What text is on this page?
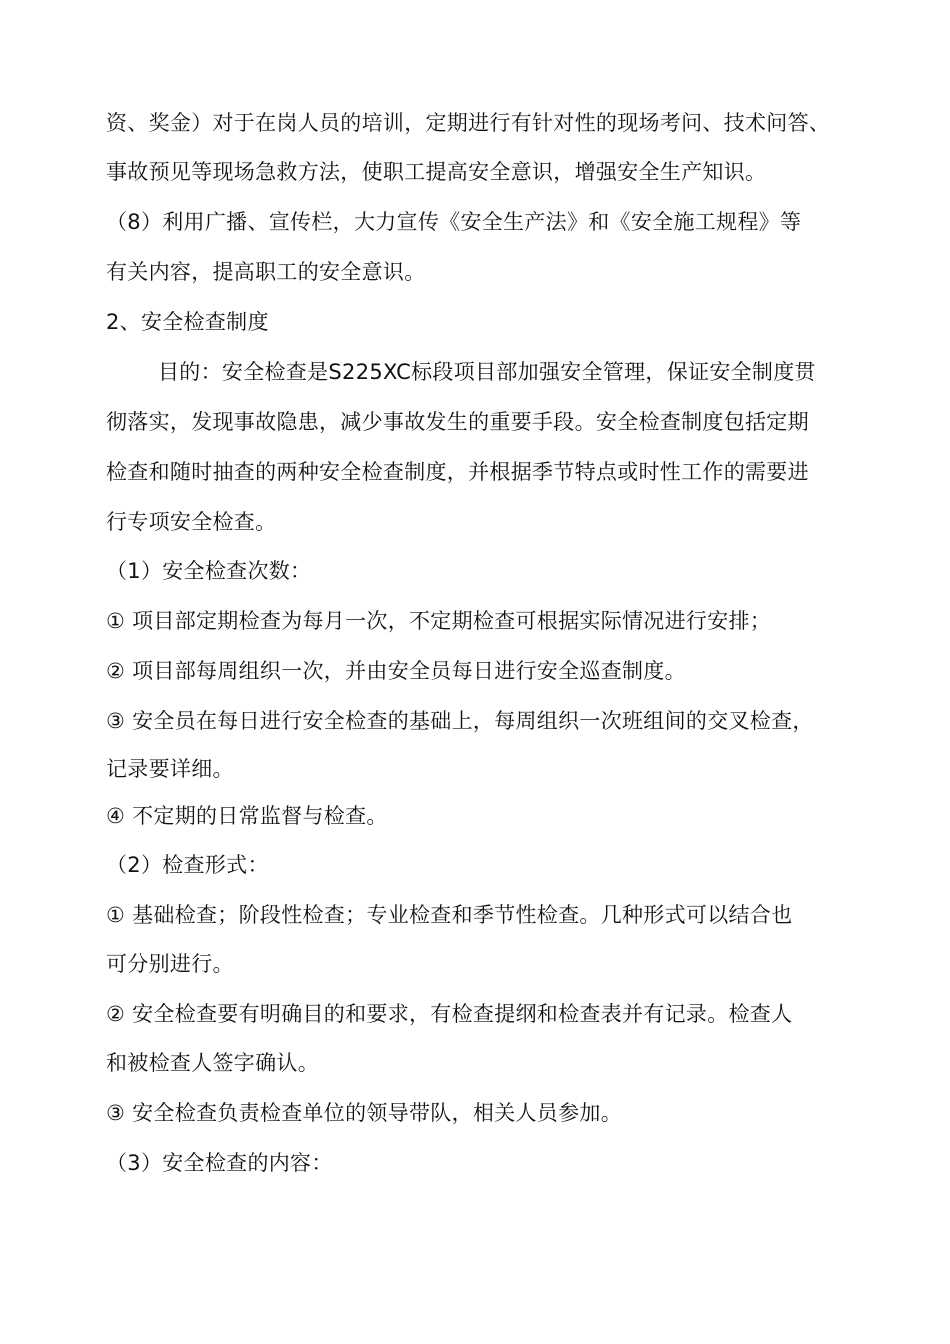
资、奖金）对于在岗人员的培训，定期进行有针对性的现场考问、技术问答、
事故预见等现场急救方法，使职工提高安全意识，增强安全生产知识。
（8）利用广播、宣传栏，大力宣传《安全生产法》和《安全施工规程》等
有关内容，提高职工的安全意识。
2、安全检查制度
目的：安全检查是S225XC标段项目部加强安全管理，保证安全制度贯
彻落实，发现事故隐患，减少事故发生的重要手段。安全检查制度包括定期
检查和随时抽查的两种安全检查制度，并根据季节特点或时性工作的需要进
行专项安全检查。
（1）安全检查次数：
① 项目部定期检查为每月一次，不定期检查可根据实际情况进行安排；
② 项目部每周组织一次，并由安全员每日进行安全巡查制度。
③ 安全员在每日进行安全检查的基础上，每周组织一次班组间的交叉检查，
记录要详细。
④ 不定期的日常监督与检查。
（2）检查形式：
① 基础检查；阶段性检查；专业检查和季节性检查。几种形式可以结合也
可分别进行。
② 安全检查要有明确目的和要求，有检查提纲和检查表并有记录。检查人
和被检查人签字确认。
③ 安全检查负责检查单位的领导带队，相关人员参加。
（3）安全检查的内容：
